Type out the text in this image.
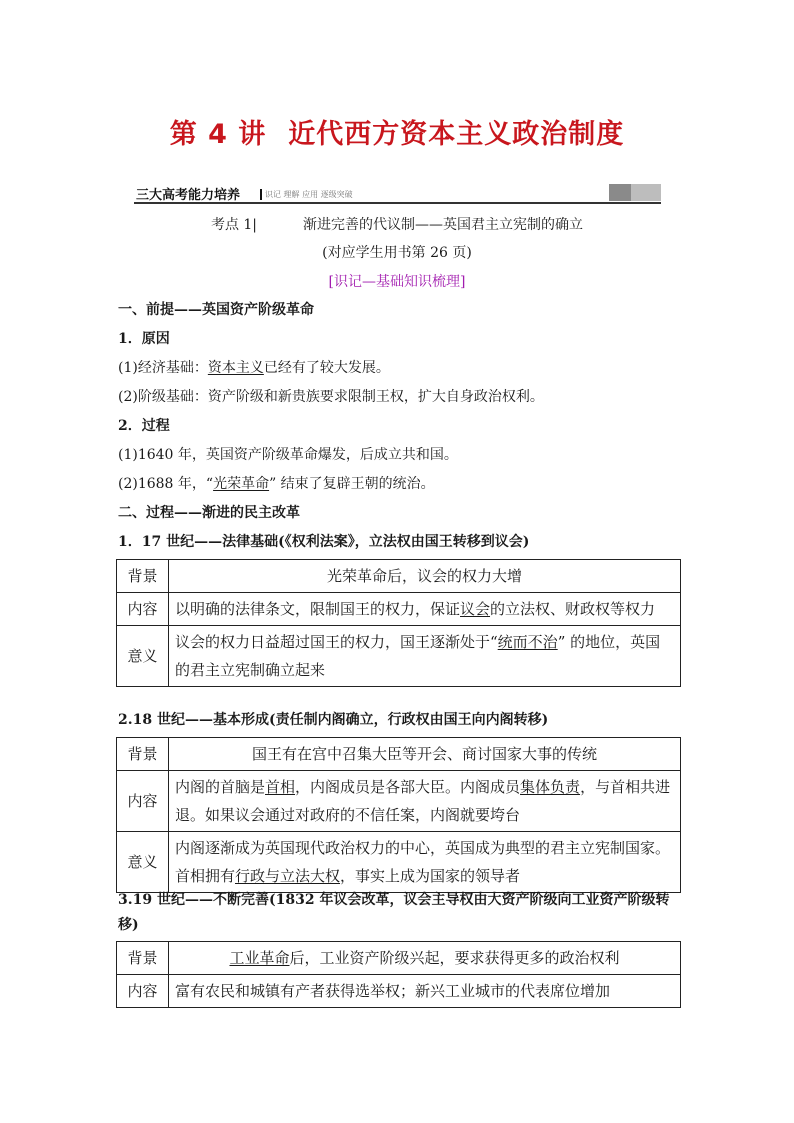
第 4 讲 近代西方资本主义政治制度
三大高考能力培养	识记 理解 应用 逐级突破
考点 1|	渐进完善的代议制——英国君主立宪制的确立
(对应学生用书第 26 页)
[识记—基础知识梳理]
一、前提——英国资产阶级革命
1．原因
(1)经济基础：资本主义已经有了较大发展。
(2)阶级基础：资产阶级和新贵族要求限制王权，扩大自身政治权利。
2．过程
(1)1640 年，英国资产阶级革命爆发，后成立共和国。
(2)1688 年，“光荣革命” 结束了复辟王朝的统治。
二、过程——渐进的民主改革
1．17 世纪——法律基础(《权利法案》，立法权由国王转移到议会)
背景	光荣革命后，议会的权力大增
内容	以明确的法律条文，限制国王的权力，保证议会的立法权、财政权等权力
意义	议会的权力日益超过国王的权力，国王逐渐处于“统而不治” 的地位，英国的君主立宪制确立起来
2.18 世纪——基本形成(责任制内阁确立，行政权由国王向内阁转移)
背景	国王有在宫中召集大臣等开会、商讨国家大事的传统
内容	内阁的首脑是首相，内阁成员是各部大臣。内阁成员集体负责，与首相共进退。如果议会通过对政府的不信任案，内阁就要垮台
意义	内阁逐渐成为英国现代政治权力的中心，英国成为典型的君主立宪制国家。首相拥有行政与立法大权，事实上成为国家的领导者
3.19 世纪——不断完善(1832 年议会改革，议会主导权由大资产阶级向工业资产阶级转移)
背景	工业革命后，工业资产阶级兴起，要求获得更多的政治权利
内容	富有农民和城镇有产者获得选举权；新兴工业城市的代表席位增加
